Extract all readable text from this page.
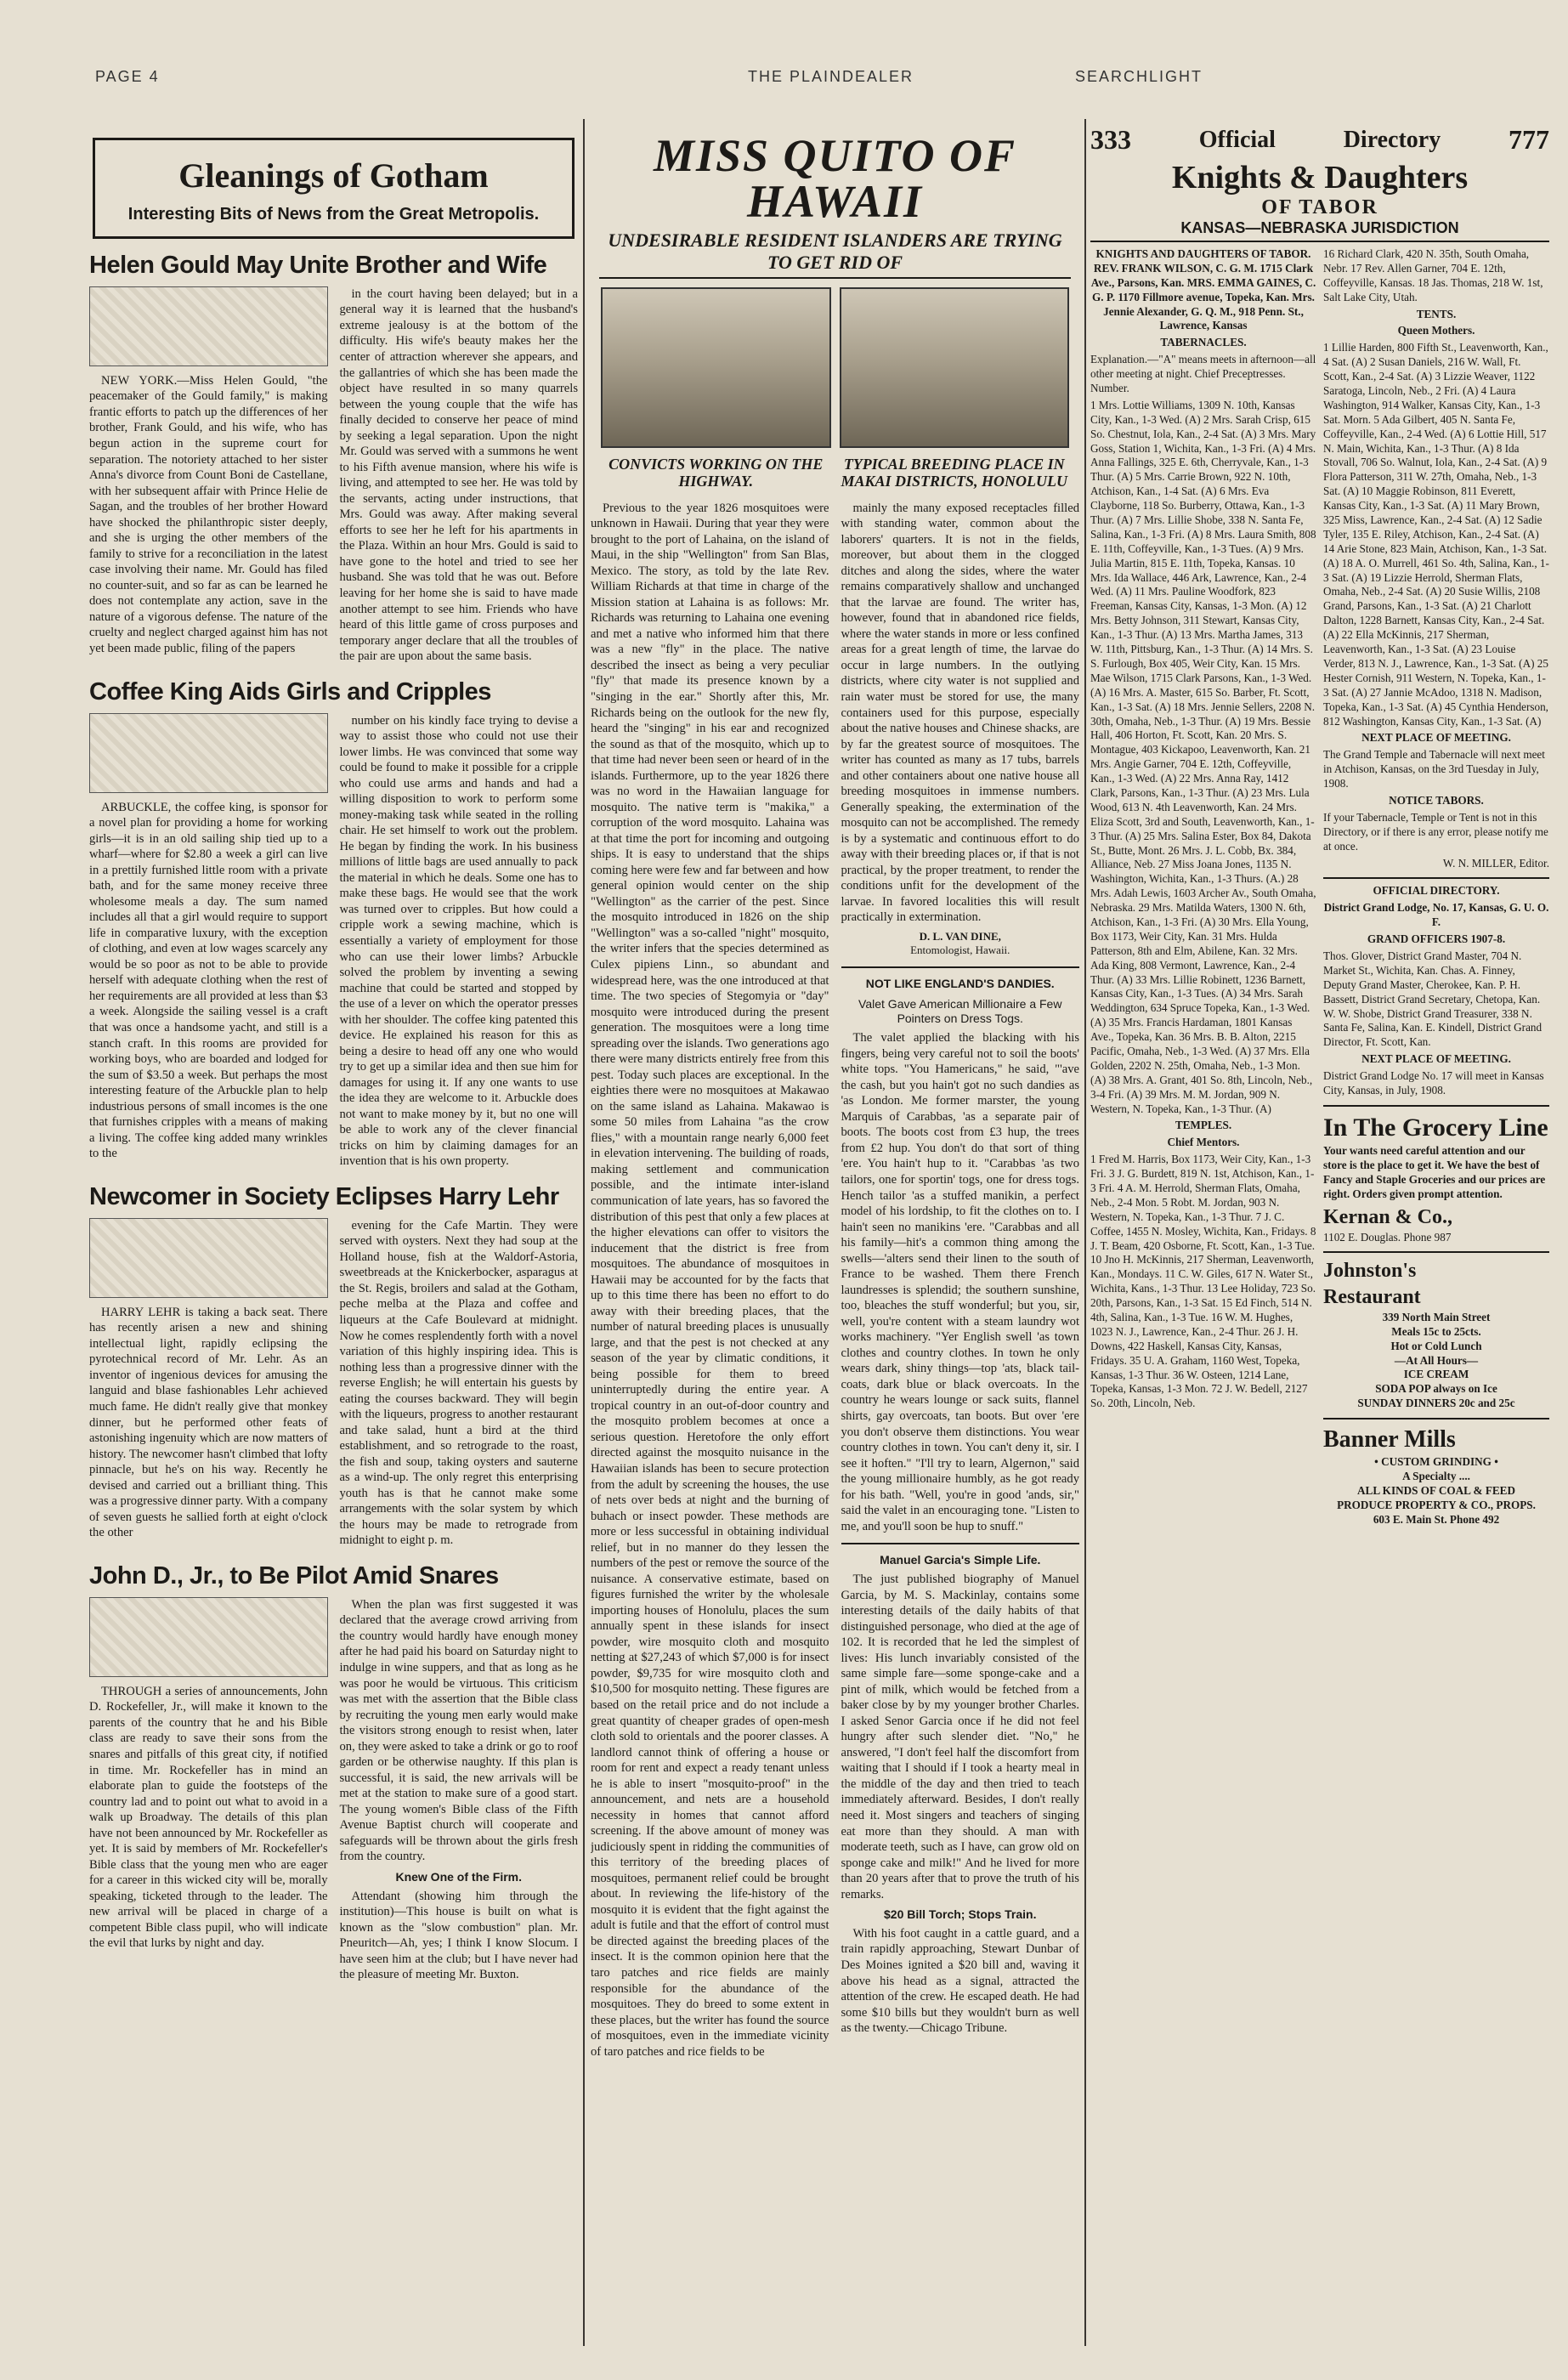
PAGE 4	THE PLAINDEALER	SEARCHLIGHT
Gleanings of Gotham
Interesting Bits of News from the Great Metropolis.
Helen Gould May Unite Brother and Wife

NEW YORK.—Miss Helen Gould, "the peacemaker of the Gould family," is making frantic efforts to patch up the differences of her brother, Frank Gould, and his wife, who has begun action in the supreme court for separation. The notoriety attached to her sister Anna's divorce from Count Boni de Castellane, with her subsequent affair with Prince Helie de Sagan, and the troubles of her brother Howard have shocked the philanthropic sister deeply, and she is urging the other members of the family to strive for a reconciliation in the latest case involving their name. Mr. Gould has filed no counter-suit, and so far as can be learned he does not contemplate any action, save in the nature of a vigorous defense. The nature of the cruelty and neglect charged against him has not yet been made public, filing of the papers

in the court having been delayed; but in a general way it is learned that the husband's extreme jealousy is at the bottom of the difficulty. His wife's beauty makes her the center of attraction wherever she appears, and the gallantries of which she has been made the object have resulted in so many quarrels between the young couple that the wife has finally decided to conserve her peace of mind by seeking a legal separation. Upon the night Mr. Gould was served with a summons he went to his Fifth avenue mansion, where his wife is living, and attempted to see her. He was told by the servants, acting under instructions, that Mrs. Gould was away. After making several efforts to see her he left for his apartments in the Plaza. Within an hour Mrs. Gould is said to have gone to the hotel and tried to see her husband. She was told that he was out. Before leaving for her home she is said to have made another attempt to see him. Friends who have heard of this little game of cross purposes and temporary anger declare that all the troubles of the pair are upon about the same basis.

Coffee King Aids Girls and Cripples

ARBUCKLE, the coffee king, is sponsor for a novel plan for providing a home for working girls—it is in an old sailing ship tied up to a wharf—where for $2.80 a week a girl can live in a prettily furnished little room with a private bath, and for the same money receive three wholesome meals a day. The sum named includes all that a girl would require to support life in comparative luxury, with the exception of clothing, and even at low wages scarcely any would be so poor as not to be able to provide herself with adequate clothing when the rest of her requirements are all provided at less than $3 a week. Alongside the sailing vessel is a craft that was once a handsome yacht, and still is a stanch craft. In this rooms are provided for working boys, who are boarded and lodged for the sum of $3.50 a week. But perhaps the most interesting feature of the Arbuckle plan to help industrious persons of small incomes is the one that furnishes cripples with a means of making a living. The coffee king added many wrinkles to the

number on his kindly face trying to devise a way to assist those who could not use their lower limbs. He was convinced that some way could be found to make it possible for a cripple who could use arms and hands and had a willing disposition to work to perform some money-making task while seated in the rolling chair. He set himself to work out the problem. He began by finding the work. In his business millions of little bags are used annually to pack the material in which he deals. Some one has to make these bags. He would see that the work was turned over to cripples. But how could a cripple work a sewing machine, which is essentially a variety of employment for those who can use their lower limbs? Arbuckle solved the problem by inventing a sewing machine that could be started and stopped by the use of a lever on which the operator presses with her shoulder. The coffee king patented this device. He explained his reason for this as being a desire to head off any one who would try to get up a similar idea and then sue him for damages for using it. If any one wants to use the idea they are welcome to it. Arbuckle does not want to make money by it, but no one will be able to work any of the clever financial tricks on him by claiming damages for an invention that is his own property.

Newcomer in Society Eclipses Harry Lehr

HARRY LEHR is taking a back seat. There has recently arisen a new and shining intellectual light, rapidly eclipsing the pyrotechnical record of Mr. Lehr. As an inventor of ingenious devices for amusing the languid and blase fashionables Lehr achieved much fame. He didn't really give that monkey dinner, but he performed other feats of astonishing ingenuity which are now matters of history. The newcomer hasn't climbed that lofty pinnacle, but he's on his way. Recently he devised and carried out a brilliant thing. This was a progressive dinner party. With a company of seven guests he sallied forth at eight o'clock the other

evening for the Cafe Martin. They were served with oysters. Next they had soup at the Holland house, fish at the Waldorf-Astoria, sweetbreads at the Knickerbocker, asparagus at the St. Regis, broilers and salad at the Gotham, peche melba at the Plaza and coffee and liqueurs at the Cafe Boulevard at midnight. Now he comes resplendently forth with a novel variation of this highly inspiring idea. This is nothing less than a progressive dinner with the reverse English; he will entertain his guests by eating the courses backward. They will begin with the liqueurs, progress to another restaurant and take salad, hunt a bird at the third establishment, and so retrograde to the roast, the fish and soup, taking oysters and sauterne as a wind-up. The only regret this enterprising youth has is that he cannot make some arrangements with the solar system by which the hours may be made to retrograde from midnight to eight p. m.

John D., Jr., to Be Pilot Amid Snares

THROUGH a series of announcements, John D. Rockefeller, Jr., will make it known to the parents of the country that he and his Bible class are ready to save their sons from the snares and pitfalls of this great city, if notified in time. Mr. Rockefeller has in mind an elaborate plan to guide the footsteps of the country lad and to point out what to avoid in a walk up Broadway. The details of this plan have not been announced by Mr. Rockefeller as yet. It is said by members of Mr. Rockefeller's Bible class that the young men who are eager for a career in this wicked city will be, morally speaking, ticketed through to the leader. The new arrival will be placed in charge of a competent Bible class pupil, who will indicate the evil that lurks by night and day.

When the plan was first suggested it was declared that the average crowd arriving from the country would hardly have enough money after he had paid his board on Saturday night to indulge in wine suppers, and that as long as he was poor he would be virtuous. This criticism was met with the assertion that the Bible class by recruiting the young men early would make the visitors strong enough to resist when, later on, they were asked to take a drink or go to roof garden or be otherwise naughty. If this plan is successful, it is said, the new arrivals will be met at the station to make sure of a good start. The young women's Bible class of the Fifth Avenue Baptist church will cooperate and safeguards will be thrown about the girls fresh from the country.

Knew One of the Firm.

Attendant (showing him through the institution)—This house is built on what is known as the "slow combustion" plan. Mr. Pneuritch—Ah, yes; I think I know Slocum. I have seen him at the club; but I have never had the pleasure of meeting Mr. Buxton.

MISS QUITO OF HAWAII
UNDESIRABLE RESIDENT ISLANDERS ARE TRYING TO GET RID OF
CONVICTS WORKING ON THE HIGHWAY.
TYPICAL BREEDING PLACE IN MAKAI DISTRICTS, HONOLULU

Previous to the year 1826 mosquitoes were unknown in Hawaii. During that year they were brought to the port of Lahaina, on the island of Maui, in the ship "Wellington" from San Blas, Mexico. The story, as told by the late Rev. William Richards at that time in charge of the Mission station at Lahaina is as follows: Mr. Richards was returning to Lahaina one evening and met a native who informed him that there was a new "fly" in the place. The native described the insect as being a very peculiar "fly" that made its presence known by a "singing in the ear." Shortly after this, Mr. Richards being on the outlook for the new fly, heard the "singing" in his ear and recognized the sound as that of the mosquito, which up to that time had never been seen or heard of in the islands. Furthermore, up to the year 1826 there was no word in the Hawaiian language for mosquito. The native term is "makika," a corruption of the word mosquito. Lahaina was at that time the port for incoming and outgoing ships. It is easy to understand that the ships coming here were few and far between and how general opinion would center on the ship "Wellington" as the carrier of the pest. Since the mosquito introduced in 1826 on the ship "Wellington" was a so-called "night" mosquito, the writer infers that the species determined as Culex pipiens Linn., so abundant and widespread here, was the one introduced at that time. The two species of Stegomyia or "day" mosquito were introduced during the present generation. The mosquitoes were a long time spreading over the islands. Two generations ago there were many districts entirely free from this pest. Today such places are exceptional. In the eighties there were no mosquitoes at Makawao on the same island as Lahaina. Makawao is some 50 miles from Lahaina "as the crow flies," with a mountain range nearly 6,000 feet in elevation intervening. The building of roads, making settlement and communication possible, and the intimate inter-island communication of late years, has so favored the distribution of this pest that only a few places at the higher elevations can offer to visitors the inducement that the district is free from mosquitoes. The abundance of mosquitoes in Hawaii may be accounted for by the facts that up to this time there has been no effort to do away with their breeding places, that the number of natural breeding places is unusually large, and that the pest is not checked at any season of the year by climatic conditions, it being possible for them to breed uninterruptedly during the entire year. A tropical country in an out-of-door country and the mosquito problem becomes at once a serious question. Heretofore the only effort directed against the mosquito nuisance in the Hawaiian islands has been to secure protection from the adult by screening the houses, the use of nets over beds at night and the burning of buhach or insect powder. These methods are more or less successful in obtaining individual relief, but in no manner do they lessen the numbers of the pest or remove the source of the nuisance. A conservative estimate, based on figures furnished the writer by the wholesale importing houses of Honolulu, places the sum annually spent in these islands for insect powder, wire mosquito cloth and mosquito netting at $27,243 of which $7,000 is for insect powder, $9,735 for wire mosquito cloth and $10,500 for mosquito netting. These figures are based on the retail price and do not include a great quantity of cheaper grades of open-mesh cloth sold to orientals and the poorer classes. A landlord cannot think of offering a house or room for rent and expect a ready tenant unless he is able to insert "mosquito-proof" in the announcement, and nets are a household necessity in homes that cannot afford screening. If the above amount of money was judiciously spent in ridding the communities of this territory of the breeding places of mosquitoes, permanent relief could be brought about. In reviewing the life-history of the mosquito it is evident that the fight against the adult is futile and that the effort of control must be directed against the breeding places of the insect. It is the common opinion here that the taro patches and rice fields are mainly responsible for the abundance of the mosquitoes. They do breed to some extent in these places, but the writer has found the source of mosquitoes, even in the immediate vicinity of taro patches and rice fields to be

mainly the many exposed receptacles filled with standing water, common about the laborers' quarters. It is not in the fields, moreover, but about them in the clogged ditches and along the sides, where the water remains comparatively shallow and unchanged that the larvae are found. The writer has, however, found that in abandoned rice fields, where the water stands in more or less confined areas for a great length of time, the larvae do occur in large numbers. In the outlying districts, where city water is not supplied and rain water must be stored for use, the many containers used for this purpose, especially about the native houses and Chinese shacks, are by far the greatest source of mosquitoes. The writer has counted as many as 17 tubs, barrels and other containers about one native house all breeding mosquitoes in immense numbers. Generally speaking, the extermination of the mosquito can not be accomplished. The remedy is by a systematic and continuous effort to do away with their breeding places or, if that is not practical, by the proper treatment, to render the conditions unfit for the development of the larvae. In favored localities this will result practically in extermination.

D. L. VAN DINE,
Entomologist, Hawaii.
NOT LIKE ENGLAND'S DANDIES.
Valet Gave American Millionaire a Few Pointers on Dress Togs.

The valet applied the blacking with his fingers, being very careful not to soil the boots' white tops. "You Hamericans," he said, "'ave the cash, but you hain't got no such dandies as 'as London. Me former marster, the young Marquis of Carabbas, 'as a separate pair of boots. The boots cost from £3 hup, the trees from £2 hup. You don't do that sort of thing 'ere. You hain't hup to it. "Carabbas 'as two tailors, one for sportin' togs, one for dress togs. Hench tailor 'as a stuffed manikin, a perfect model of his lordship, to fit the clothes on to. I hain't seen no manikins 'ere. "Carabbas and all his family—hit's a common thing among the swells—'alters send their linen to the south of France to be washed. Them there French laundresses is splendid; the southern sunshine, too, bleaches the stuff wonderful; but you, sir, well, you're content with a steam laundry wot works machinery. "Yer English swell 'as town clothes and country clothes. In town he only wears dark, shiny things—top 'ats, black tail-coats, dark blue or black overcoats. In the country he wears lounge or sack suits, flannel shirts, gay overcoats, tan boots. But over 'ere you don't observe them distinctions. You wear country clothes in town. You can't deny it, sir. I see it hoften." "I'll try to learn, Algernon," said the young millionaire humbly, as he got ready for his bath. "Well, you're in good 'ands, sir," said the valet in an encouraging tone. "Listen to me, and you'll soon be hup to snuff."

Manuel Garcia's Simple Life.

The just published biography of Manuel Garcia, by M. S. Mackinlay, contains some interesting details of the daily habits of that distinguished personage, who died at the age of 102. It is recorded that he led the simplest of lives: His lunch invariably consisted of the same simple fare—some sponge-cake and a pint of milk, which would be fetched from a baker close by by my younger brother Charles. I asked Senor Garcia once if he did not feel hungry after such slender diet. "No," he answered, "I don't feel half the discomfort from waiting that I should if I took a hearty meal in the middle of the day and then tried to teach immediately afterward. Besides, I don't really need it. Most singers and teachers of singing eat more than they should. A man with moderate teeth, such as I have, can grow old on sponge cake and milk!" And he lived for more than 20 years after that to prove the truth of his remarks.

$20 Bill Torch; Stops Train.

With his foot caught in a cattle guard, and a train rapidly approaching, Stewart Dunbar of Des Moines ignited a $20 bill and, waving it above his head as a signal, attracted the attention of the crew. He escaped death. He had some $10 bills but they wouldn't burn as well as the twenty.—Chicago Tribune.

333	Official	Directory 777
Knights & Daughters
OF TABOR
KANSAS—NEBRASKA JURISDICTION

KNIGHTS AND DAUGHTERS OF TABOR. REV. FRANK WILSON, C. G. M. 1715 Clark Ave., Parsons, Kan. MRS. EMMA GAINES, C. G. P. 1170 Fillmore avenue, Topeka, Kan. Mrs. Jennie Alexander, G. Q. M., 918 Penn. St., Lawrence, Kansas

TABERNACLES.

Explanation.—"A" means meets in afternoon—all other meeting at night. Chief Preceptresses. Number.

1 Mrs. Lottie Williams, 1309 N. 10th, Kansas City, Kan., 1-3 Wed. (A) 2 Mrs. Sarah Crisp, 615 So. Chestnut, Iola, Kan., 2-4 Sat. (A) 3 Mrs. Mary Goss, Station 1, Wichita, Kan., 1-3 Fri. (A) 4 Mrs. Anna Fallings, 325 E. 6th, Cherryvale, Kan., 1-3 Thur. (A) 5 Mrs. Carrie Brown, 922 N. 10th, Atchison, Kan., 1-4 Sat. (A) 6 Mrs. Eva Clayborne, 118 So. Burberry, Ottawa, Kan., 1-3 Thur. (A) 7 Mrs. Lillie Shobe, 338 N. Santa Fe, Salina, Kan., 1-3 Fri. (A) 8 Mrs. Laura Smith, 808 E. 11th, Coffeyville, Kan., 1-3 Tues. (A) 9 Mrs. Julia Martin, 815 E. 11th, Topeka, Kansas. 10 Mrs. Ida Wallace, 446 Ark, Lawrence, Kan., 2-4 Wed. (A) 11 Mrs. Pauline Woodfork, 823 Freeman, Kansas City, Kansas, 1-3 Mon. (A) 12 Mrs. Betty Johnson, 311 Stewart, Kansas City, Kan., 1-3 Thur. (A) 13 Mrs. Martha James, 313 W. 11th, Pittsburg, Kan., 1-3 Thur. (A) 14 Mrs. S. S. Furlough, Box 405, Weir City, Kan. 15 Mrs. Mae Wilson, 1715 Clark Parsons, Kan., 1-3 Wed. (A) 16 Mrs. A. Master, 615 So. Barber, Ft. Scott, Kan., 1-3 Sat. (A) 18 Mrs. Jennie Sellers, 2208 N. 30th, Omaha, Neb., 1-3 Thur. (A) 19 Mrs. Bessie Hall, 406 Horton, Ft. Scott, Kan. 20 Mrs. S. Montague, 403 Kickapoo, Leavenworth, Kan. 21 Mrs. Angie Garner, 704 E. 12th, Coffeyville, Kan., 1-3 Wed. (A) 22 Mrs. Anna Ray, 1412 Clark, Parsons, Kan., 1-3 Thur. (A) 23 Mrs. Lula Wood, 613 N. 4th Leavenworth, Kan. 24 Mrs. Eliza Scott, 3rd and South, Leavenworth, Kan., 1-3 Thur. (A) 25 Mrs. Salina Ester, Box 84, Dakota St., Butte, Mont. 26 Mrs. J. L. Cobb, Bx. 384, Alliance, Neb. 27 Miss Joana Jones, 1135 N. Washington, Wichita, Kan., 1-3 Thurs. (A.) 28 Mrs. Adah Lewis, 1603 Archer Av., South Omaha, Nebraska. 29 Mrs. Matilda Waters, 1300 N. 6th, Atchison, Kan., 1-3 Fri. (A) 30 Mrs. Ella Young, Box 1173, Weir City, Kan. 31 Mrs. Hulda Patterson, 8th and Elm, Abilene, Kan. 32 Mrs. Ada King, 808 Vermont, Lawrence, Kan., 2-4 Thur. (A) 33 Mrs. Lillie Robinett, 1236 Barnett, Kansas City, Kan., 1-3 Tues. (A) 34 Mrs. Sarah Weddington, 634 Spruce Topeka, Kan., 1-3 Wed. (A) 35 Mrs. Francis Hardaman, 1801 Kansas Ave., Topeka, Kan. 36 Mrs. B. B. Alton, 2215 Pacific, Omaha, Neb., 1-3 Wed. (A) 37 Mrs. Ella Golden, 2202 N. 25th, Omaha, Neb., 1-3 Mon. (A) 38 Mrs. A. Grant, 401 So. 8th, Lincoln, Neb., 3-4 Fri. (A) 39 Mrs. M. M. Jordan, 909 N. Western, N. Topeka, Kan., 1-3 Thur. (A)

TEMPLES.

Chief Mentors.

1 Fred M. Harris, Box 1173, Weir City, Kan., 1-3 Fri. 3 J. G. Burdett, 819 N. 1st, Atchison, Kan., 1-3 Fri. 4 A. M. Herrold, Sherman Flats, Omaha, Neb., 2-4 Mon. 5 Robt. M. Jordan, 903 N. Western, N. Topeka, Kan., 1-3 Thur. 7 J. C. Coffee, 1455 N. Mosley, Wichita, Kan., Fridays. 8 J. T. Beam, 420 Osborne, Ft. Scott, Kan., 1-3 Tue. 10 Jno H. McKinnis, 217 Sherman, Leavenworth, Kan., Mondays. 11 C. W. Giles, 617 N. Water St., Wichita, Kans., 1-3 Thur. 13 Lee Holiday, 723 So. 20th, Parsons, Kan., 1-3 Sat. 15 Ed Finch, 514 N. 4th, Salina, Kan., 1-3 Tue. 16 W. M. Hughes, 1023 N. J., Lawrence, Kan., 2-4 Thur. 26 J. H. Downs, 422 Haskell, Kansas City, Kansas, Fridays. 35 U. A. Graham, 1160 West, Topeka, Kansas, 1-3 Thur. 36 W. Osteen, 1214 Lane, Topeka, Kansas, 1-3 Mon. 72 J. W. Bedell, 2127 So. 20th, Lincoln, Neb.

16 Richard Clark, 420 N. 35th, South Omaha, Nebr. 17 Rev. Allen Garner, 704 E. 12th, Coffeyville, Kansas. 18 Jas. Thomas, 218 W. 1st, Salt Lake City, Utah.

TENTS.

Queen Mothers.

1 Lillie Harden, 800 Fifth St., Leavenworth, Kan., 4 Sat. (A) 2 Susan Daniels, 216 W. Wall, Ft. Scott, Kan., 2-4 Sat. (A) 3 Lizzie Weaver, 1122 Saratoga, Lincoln, Neb., 2 Fri. (A) 4 Laura Washington, 914 Walker, Kansas City, Kan., 1-3 Sat. Morn. 5 Ada Gilbert, 405 N. Santa Fe, Coffeyville, Kan., 2-4 Wed. (A) 6 Lottie Hill, 517 N. Main, Wichita, Kan., 1-3 Thur. (A) 8 Ida Stovall, 706 So. Walnut, Iola, Kan., 2-4 Sat. (A) 9 Flora Patterson, 311 W. 27th, Omaha, Neb., 1-3 Sat. (A) 10 Maggie Robinson, 811 Everett, Kansas City, Kan., 1-3 Sat. (A) 11 Mary Brown, 325 Miss, Lawrence, Kan., 2-4 Sat. (A) 12 Sadie Tyler, 135 E. Riley, Atchison, Kan., 2-4 Sat. (A) 14 Arie Stone, 823 Main, Atchison, Kan., 1-3 Sat. (A) 18 A. O. Murrell, 461 So. 4th, Salina, Kan., 1-3 Sat. (A) 19 Lizzie Herrold, Sherman Flats, Omaha, Neb., 2-4 Sat. (A) 20 Susie Willis, 2108 Grand, Parsons, Kan., 1-3 Sat. (A) 21 Charlott Dalton, 1228 Barnett, Kansas City, Kan., 2-4 Sat. (A) 22 Ella McKinnis, 217 Sherman, Leavenworth, Kan., 1-3 Sat. (A) 23 Louise Verder, 813 N. J., Lawrence, Kan., 1-3 Sat. (A) 25 Hester Cornish, 911 Western, N. Topeka, Kan., 1-3 Sat. (A) 27 Jannie McAdoo, 1318 N. Madison, Topeka, Kan., 1-3 Sat. (A) 45 Cynthia Henderson, 812 Washington, Kansas City, Kan., 1-3 Sat. (A)

NEXT PLACE OF MEETING.

The Grand Temple and Tabernacle will next meet in Atchison, Kansas, on the 3rd Tuesday in July, 1908.

NOTICE TABORS.

If your Tabernacle, Temple or Tent is not in this Directory, or if there is any error, please notify me at once.

W. N. MILLER, Editor.

OFFICIAL DIRECTORY.

District Grand Lodge, No. 17, Kansas, G. U. O. F.

GRAND OFFICERS 1907-8.

Thos. Glover, District Grand Master, 704 N. Market St., Wichita, Kan. Chas. A. Finney, Deputy Grand Master, Cherokee, Kan. P. H. Bassett, District Grand Secretary, Chetopa, Kan. W. W. Shobe, District Grand Treasurer, 338 N. Santa Fe, Salina, Kan. E. Kindell, District Grand Director, Ft. Scott, Kan.

NEXT PLACE OF MEETING.

District Grand Lodge No. 17 will meet in Kansas City, Kansas, in July, 1908.

In The Grocery Line

Your wants need careful attention and our store is the place to get it. We have the best of Fancy and Staple Groceries and our prices are right. Orders given prompt attention.

Kernan & Co.,
1102 E. Douglas. Phone 987
Johnston's
Restaurant
339 North Main Street
Meals 15c to 25cts.
Hot or Cold Lunch
—At All Hours—
ICE CREAM
SODA POP always on Ice
SUNDAY DINNERS 20c and 25c
Banner Mills
• CUSTOM GRINDING •
A Specialty ....
ALL KINDS OF COAL & FEED
PRODUCE PROPERTY & CO., PROPS.
603 E. Main St. Phone 492
